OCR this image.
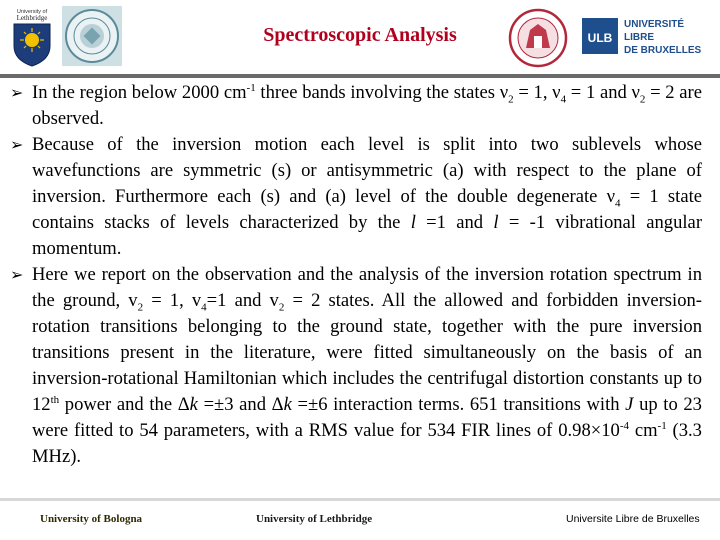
University of
Lethbridge
ULB
UNIVERSITÉ
LIBRE
DE BRUXELLES
Spectroscopic Analysis

➢ In the region below 2000 $cm^{-1}$ three bands involving the states $\nu_2 = 1$, $\nu_4 = 1$ and $\nu_2 = 2$ are observed.

➢ Because of the inversion motion each level is split into two sublevels whose wavefunctions are symmetric (s) or antisymmetric (a) with respect to the plane of inversion. Furthermore each (s) and (a) level of the double degenerate $\nu_4 = 1$ state contains stacks of levels characterized by the l =1 and l = -1 vibrational angular momentum.

➢ Here we report on the observation and the analysis of the inversion rotation spectrum in the ground, $v_2 = 1$, $v_4=1$ and $v_2 = 2$ states. All the allowed and forbidden inversion-rotation transitions belonging to the ground state, together with the pure inversion transitions present in the literature, were fitted simultaneously on the basis of an inversion-rotational Hamiltonian which includes the centrifugal distortion constants up to 12th power and the Δk =±3 and Δk =±6 interaction terms. 651 transitions with J up to 23 were fitted to 54 parameters, with a RMS value for 534 FIR lines of $0.98\times 10^{-4}$ $cm^{-1}$ (3.3 MHz).

University of Bologna	University of Lethbridge	Universite Libre de Bruxelles
